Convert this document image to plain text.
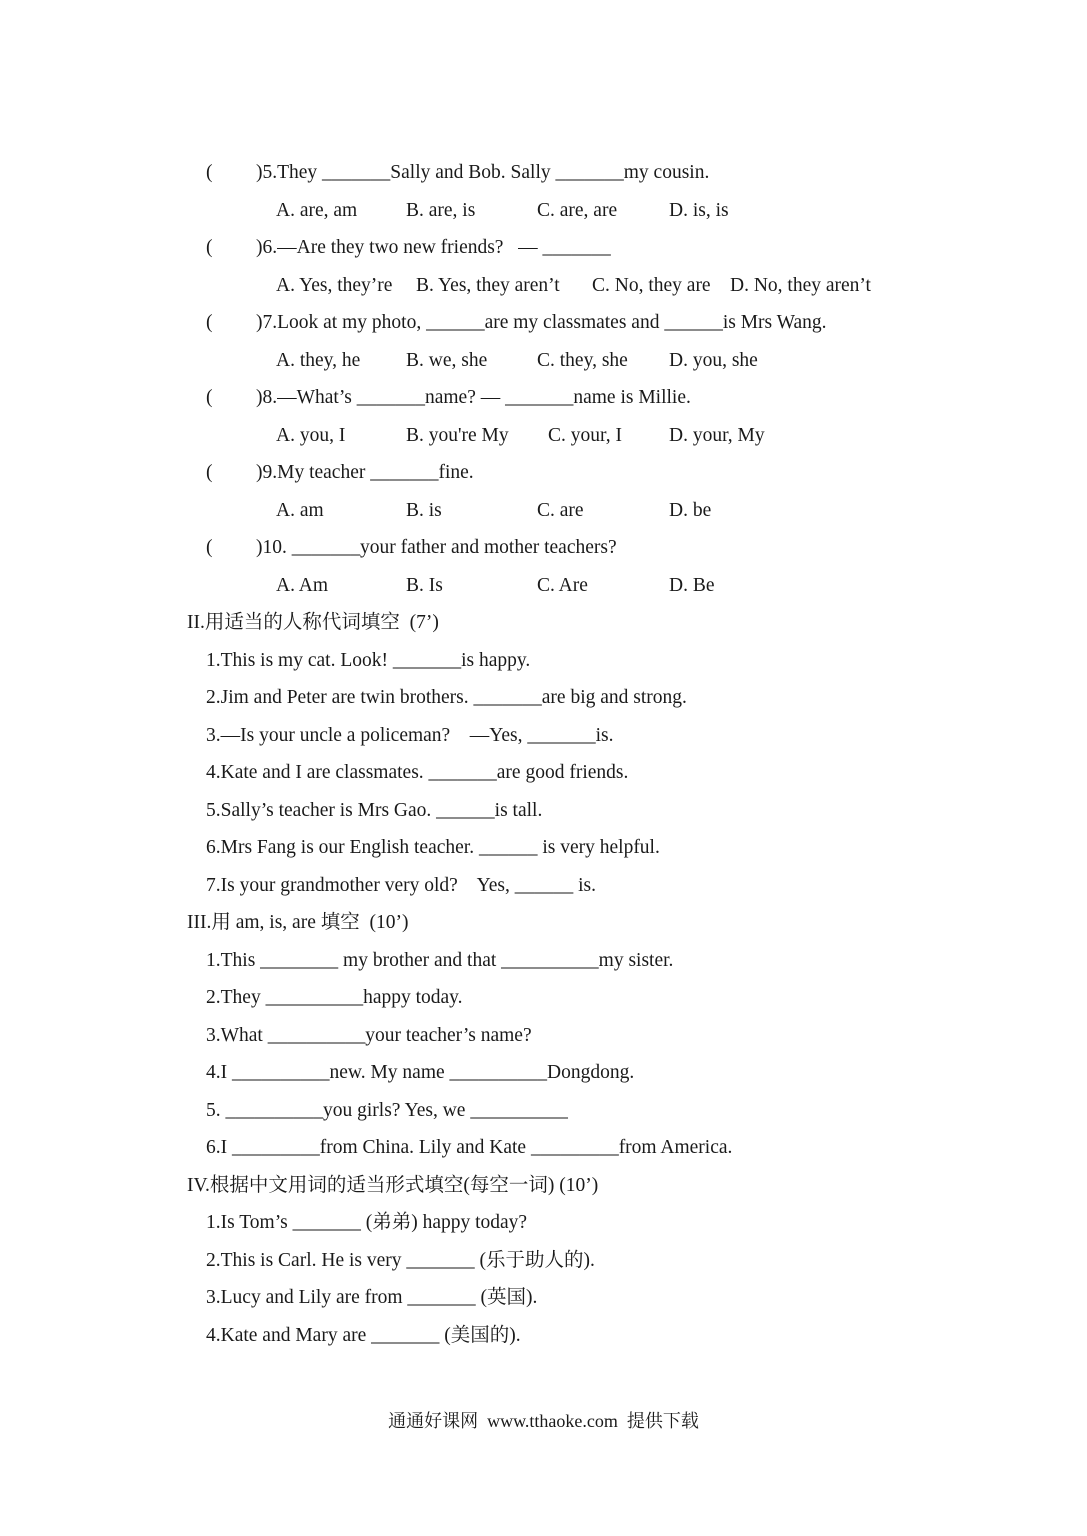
( )5.They _______Sally and Bob. Sally _______my cousin.
A. are, am	B. are, is	C. are, are	D. is, is
( )6.—Are they two new friends?   — _______
A. Yes, they’re B. Yes, they aren’t C. No, they are D. No, they aren’t
( )7.Look at my photo, ______are my classmates and ______is Mrs Wang.
A. they, he B. we, she	C. they, she D. you, she
( )8.—What’s _______name? — _______name is Millie.
A. you, I	B. you're My C. your, I D. your, My
( )9.My teacher _______fine.
A. am	B. is	C. are	D. be
( )10. _______your father and mother teachers?
A. Am	B. Is	C. Are	D. Be
II.用适当的人称代词填空  (7’)
1.This is my cat. Look! _______is happy.
2.Jim and Peter are twin brothers. _______are big and strong.
3.—Is your uncle a policeman?    —Yes, _______is.
4.Kate and I are classmates. _______are good friends.
5.Sally’s teacher is Mrs Gao. ______is tall.
6.Mrs Fang is our English teacher. ______ is very helpful.
7.Is your grandmother very old?    Yes, ______ is.
III.用 am, is, are 填空  (10’)
1.This ________ my brother and that __________my sister.
2.They __________happy today.
3.What __________your teacher’s name?
4.I __________new. My name __________Dongdong.
5. __________you girls? Yes, we __________
6.I _________from China. Lily and Kate _________from America.
IV.根据中文用词的适当形式填空(每空一词) (10’)
1.Is Tom’s _______ (弟弟) happy today?
2.This is Carl. He is very _______ (乐于助人的).
3.Lucy and Lily are from _______ (英国).
4.Kate and Mary are _______ (美国的).
通通好课网  www.tthaoke.com  提供下载
